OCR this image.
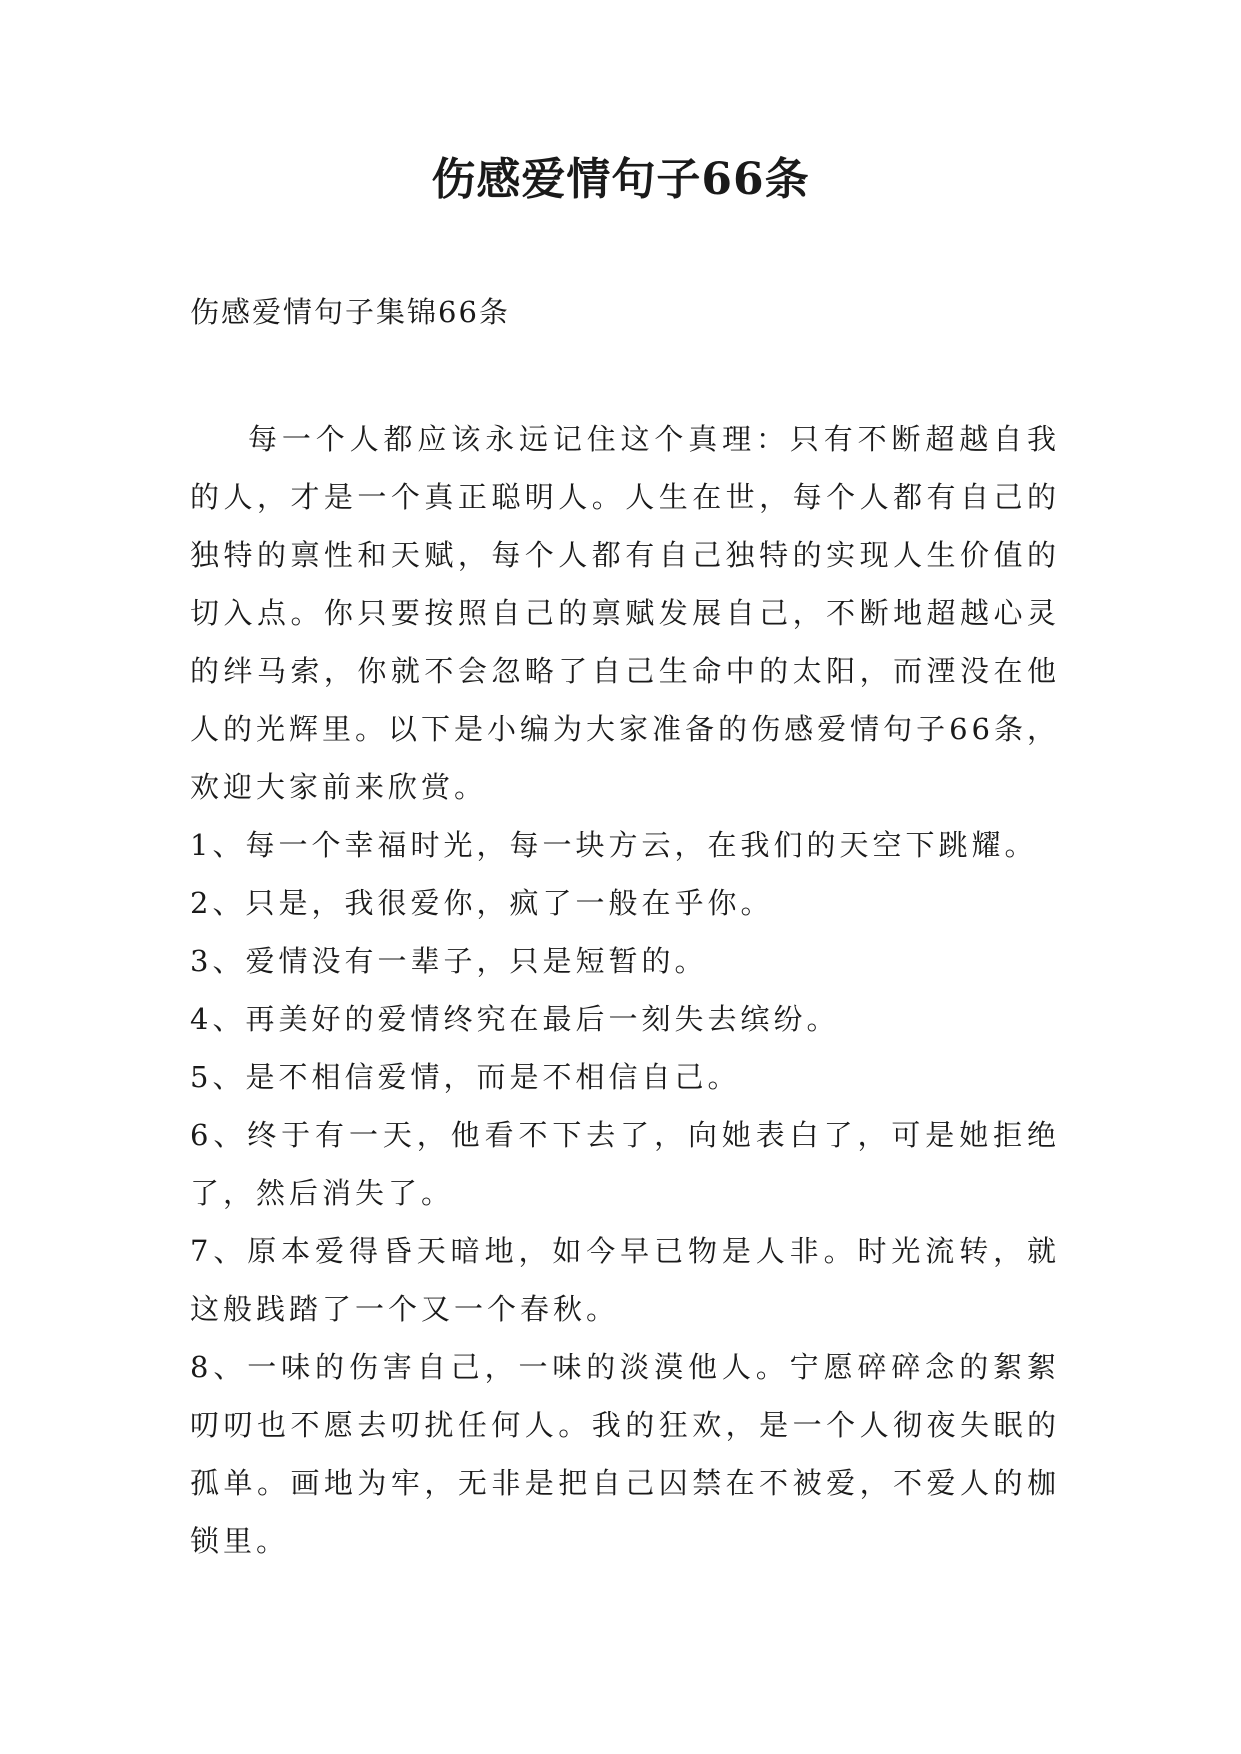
伤感爱情句子66条

伤感爱情句子集锦66条

每一个人都应该永远记住这个真理：只有不断超越自我的人，才是一个真正聪明人。人生在世，每个人都有自己的独特的禀性和天赋，每个人都有自己独特的实现人生价值的切入点。你只要按照自己的禀赋发展自己，不断地超越心灵的绊马索，你就不会忽略了自己生命中的太阳，而湮没在他人的光辉里。以下是小编为大家准备的伤感爱情句子66条，欢迎大家前来欣赏。

1、每一个幸福时光，每一块方云，在我们的天空下跳耀。

2、只是，我很爱你，疯了一般在乎你。

3、爱情没有一辈子，只是短暂的。

4、再美好的爱情终究在最后一刻失去缤纷。

5、是不相信爱情，而是不相信自己。

6、终于有一天，他看不下去了，向她表白了，可是她拒绝了，然后消失了。

7、原本爱得昏天暗地，如今早已物是人非。时光流转，就这般践踏了一个又一个春秋。

8、一味的伤害自己，一味的淡漠他人。宁愿碎碎念的絮絮叨叨也不愿去叨扰任何人。我的狂欢，是一个人彻夜失眠的孤单。画地为牢，无非是把自己囚禁在不被爱，不爱人的枷锁里。
